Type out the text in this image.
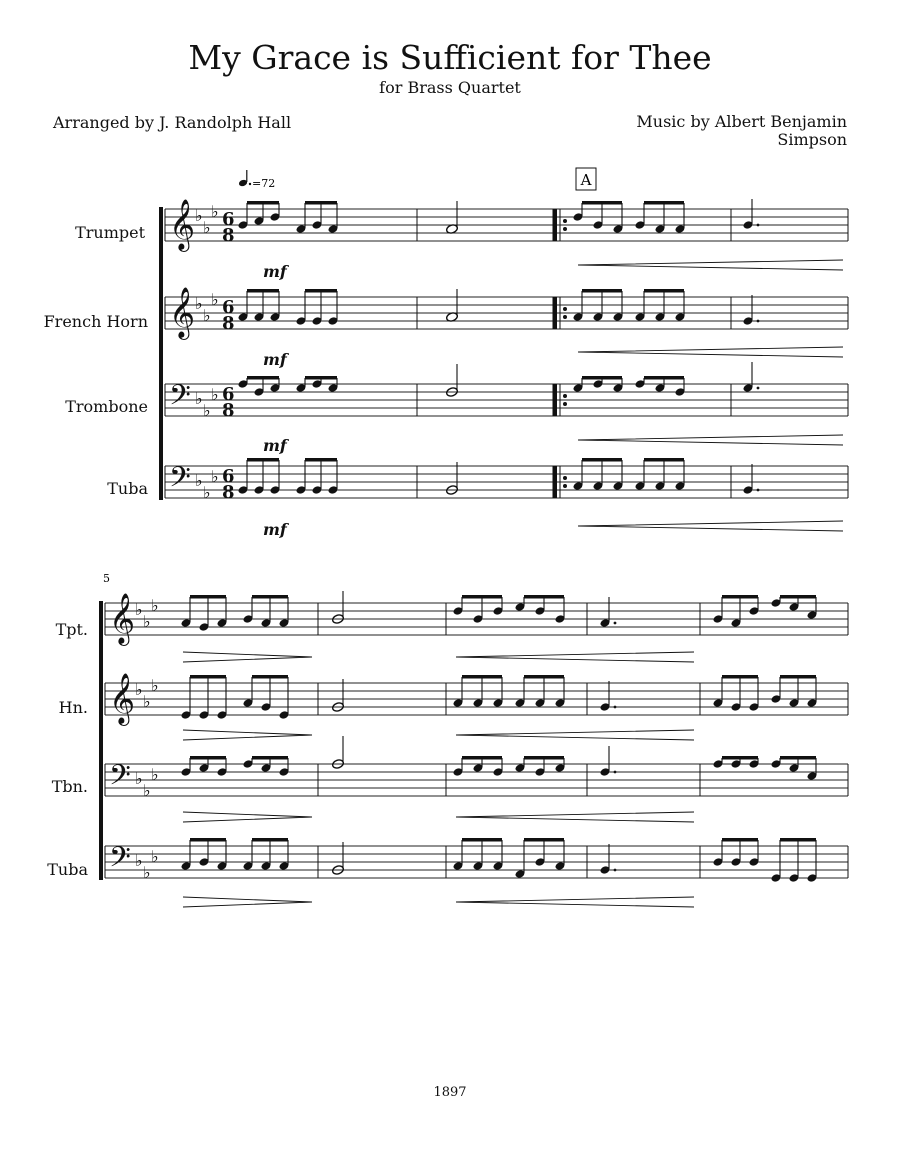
My Grace is Sufficient for Thee
for Brass Quartet
Arranged by J. Randolph Hall	Music by Albert Benjamin
Simpson
Trumpet
French Horn
Trombone
Tuba
Tpt.
Hn.
Tbn.
Tuba
1897
𝄞 ♭
♭
♭ 6
8
𝄞 ♭
♭
♭ 6
8
𝄢 ♭
♭
♭ 6
8
𝄢 ♭
♭
♭ 6
8
𝄞 ♭
♭
♭
𝄞 ♭
♭
♭
𝄢 ♭
♭
♭
𝄢 ♭
♭
♭
=72	A
5
mf
mf
mf
mf
